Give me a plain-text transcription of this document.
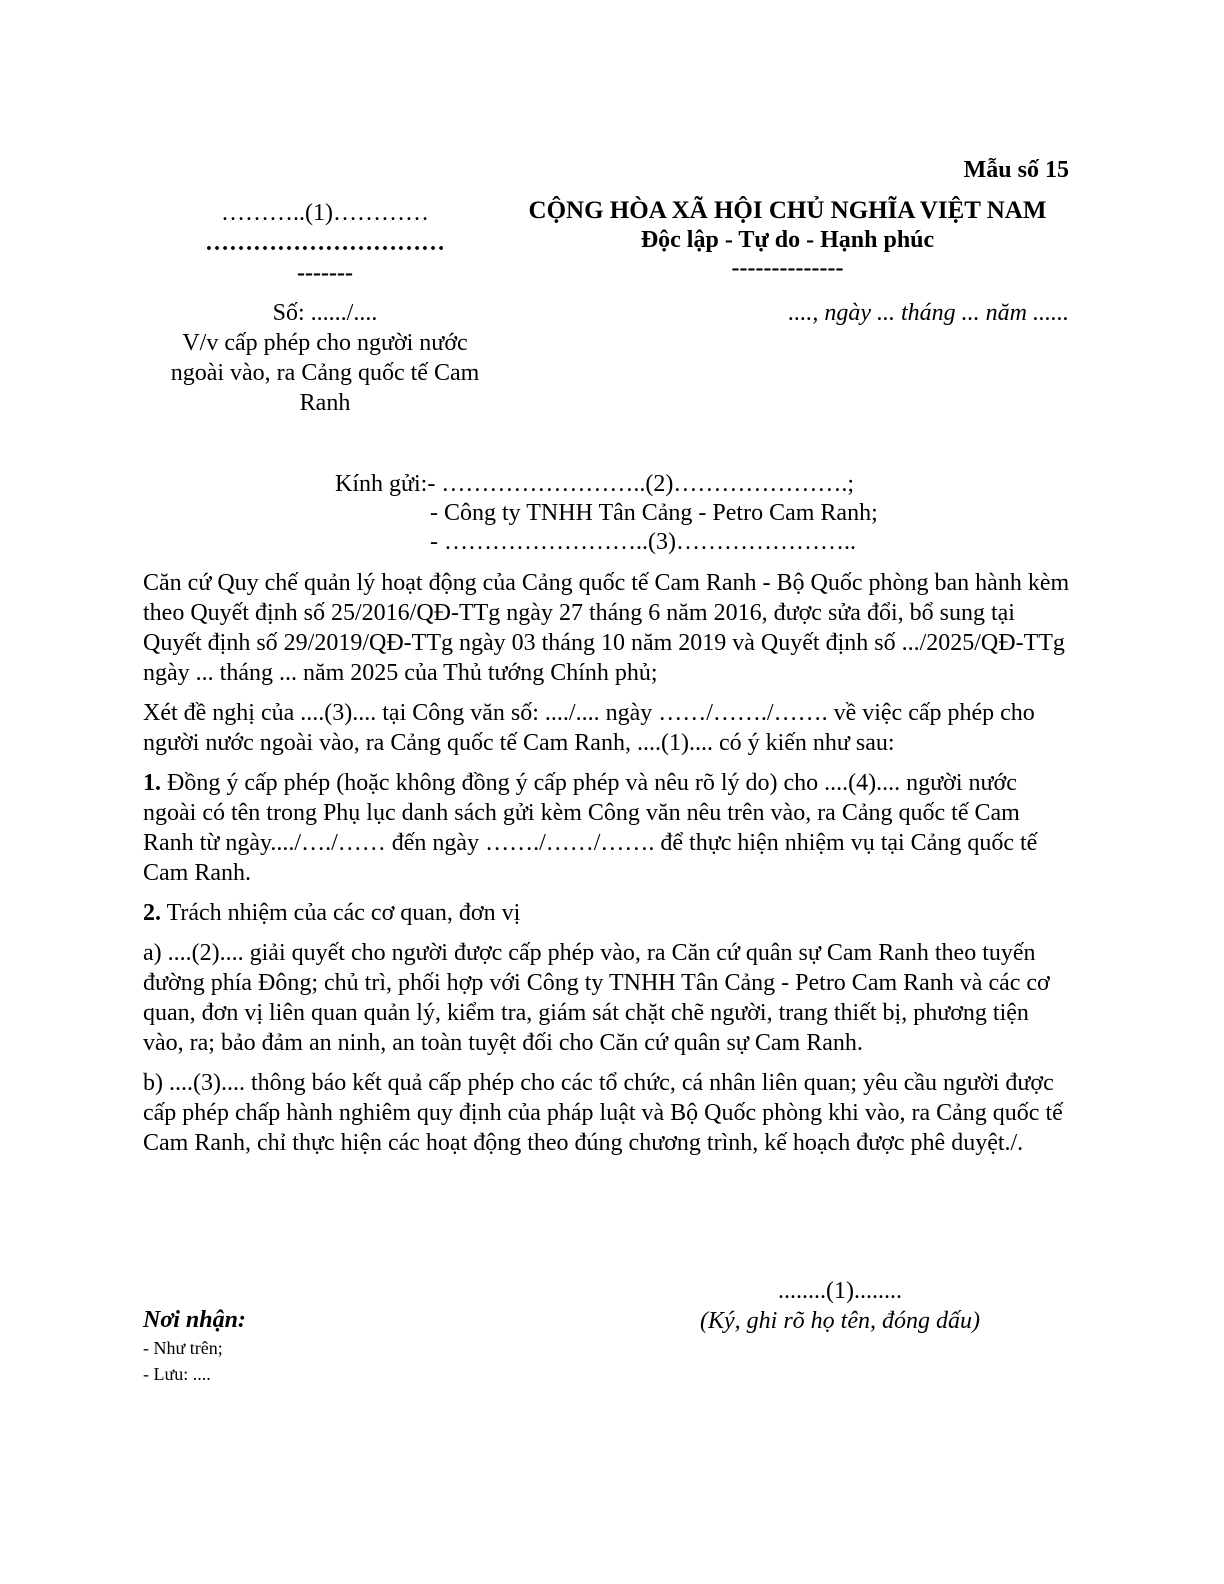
Mẫu số 15
………..(1)…………
…………………………
-------
CỘNG HÒA XÃ HỘI CHỦ NGHĨA VIỆT NAM
Độc lập - Tự do - Hạnh phúc
--------------
Số: ....../....
V/v cấp phép cho người nước
ngoài vào, ra Cảng quốc tế Cam
Ranh
...., ngày ... tháng ... năm ......
Kính gửi:- ……………………..(2)………………….;
- Công ty TNHH Tân Cảng - Petro Cam Ranh;
- ……………………..(3)…………………..

Căn cứ Quy chế quản lý hoạt động của Cảng quốc tế Cam Ranh - Bộ Quốc phòng ban hành kèm theo Quyết định số 25/2016/QĐ-TTg ngày 27 tháng 6 năm 2016, được sửa đổi, bổ sung tại Quyết định số 29/2019/QĐ-TTg ngày 03 tháng 10 năm 2019 và Quyết định số .../2025/QĐ-TTg ngày ... tháng ... năm 2025 của Thủ tướng Chính phủ;

Xét đề nghị của ....(3).... tại Công văn số: ..../.... ngày ……/……./……. về việc cấp phép cho người nước ngoài vào, ra Cảng quốc tế Cam Ranh, ....(1).... có ý kiến như sau:

1. Đồng ý cấp phép (hoặc không đồng ý cấp phép và nêu rõ lý do) cho ....(4).... người nước ngoài có tên trong Phụ lục danh sách gửi kèm Công văn nêu trên vào, ra Cảng quốc tế Cam Ranh từ ngày..../…./…… đến ngày ……./……/……. để thực hiện nhiệm vụ tại Cảng quốc tế Cam Ranh.

2. Trách nhiệm của các cơ quan, đơn vị

a) ....(2).... giải quyết cho người được cấp phép vào, ra Căn cứ quân sự Cam Ranh theo tuyến đường phía Đông; chủ trì, phối hợp với Công ty TNHH Tân Cảng - Petro Cam Ranh và các cơ quan, đơn vị liên quan quản lý, kiểm tra, giám sát chặt chẽ người, trang thiết bị, phương tiện vào, ra; bảo đảm an ninh, an toàn tuyệt đối cho Căn cứ quân sự Cam Ranh.

b) ....(3).... thông báo kết quả cấp phép cho các tổ chức, cá nhân liên quan; yêu cầu người được cấp phép chấp hành nghiêm quy định của pháp luật và Bộ Quốc phòng khi vào, ra Cảng quốc tế Cam Ranh, chỉ thực hiện các hoạt động theo đúng chương trình, kế hoạch được phê duyệt./.

........(1)........
(Ký, ghi rõ họ tên, đóng dấu)
Nơi nhận:
- Như trên;
- Lưu: ....
